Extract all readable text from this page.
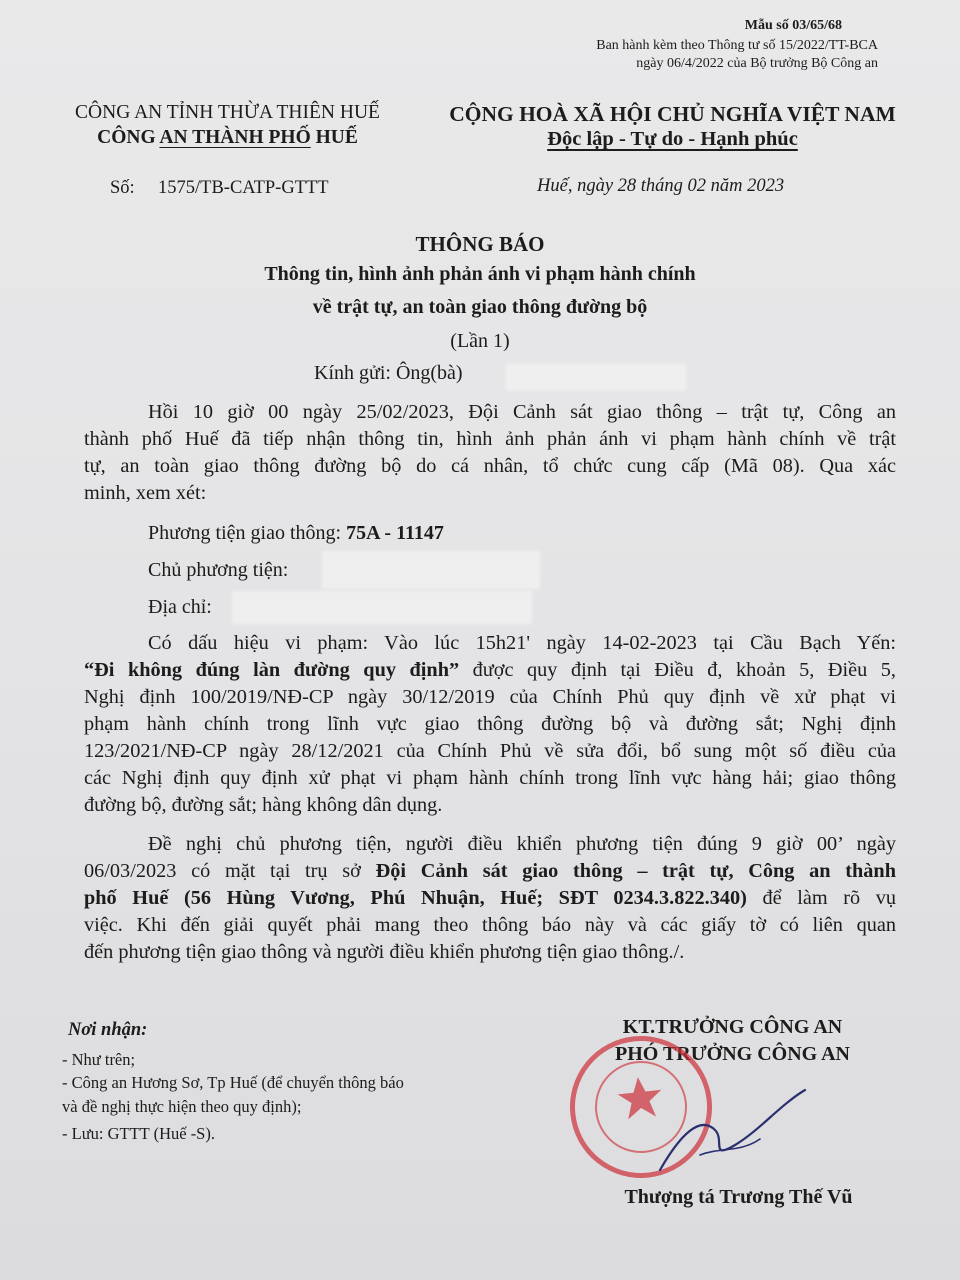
Mẫu số 03/65/68
Ban hành kèm theo Thông tư số 15/2022/TT-BCA
ngày 06/4/2022 của Bộ trưởng Bộ Công an
CÔNG AN TỈNH THỪA THIÊN HUẾ
CÔNG AN THÀNH PHỐ HUẾ
CỘNG HOÀ XÃ HỘI CHỦ NGHĨA VIỆT NAM
Độc lập - Tự do - Hạnh phúc
Số: 1575/TB-CATP-GTTT	Huế, ngày 28 tháng 02 năm 2023
THÔNG BÁO
Thông tin, hình ảnh phản ánh vi phạm hành chính
về trật tự, an toàn giao thông đường bộ
(Lần 1)
Kính gửi: Ông(bà)
Hồi 10 giờ 00 ngày 25/02/2023, Đội Cảnh sát giao thông – trật tự, Công an
thành phố Huế đã tiếp nhận thông tin, hình ảnh phản ánh vi phạm hành chính về trật
tự, an toàn giao thông đường bộ do cá nhân, tổ chức cung cấp (Mã 08). Qua xác
minh, xem xét:
Phương tiện giao thông: 75A - 11147
Chủ phương tiện:
Địa chỉ:
Có dấu hiệu vi phạm: Vào lúc 15h21' ngày 14-02-2023 tại Cầu Bạch Yến:
“Đi không đúng làn đường quy định” được quy định tại Điều đ, khoản 5, Điều 5,
Nghị định 100/2019/NĐ-CP ngày 30/12/2019 của Chính Phủ quy định về xử phạt vi
phạm hành chính trong lĩnh vực giao thông đường bộ và đường sắt; Nghị định
123/2021/NĐ-CP ngày 28/12/2021 của Chính Phủ về sửa đổi, bổ sung một số điều của
các Nghị định quy định xử phạt vi phạm hành chính trong lĩnh vực hàng hải; giao thông
đường bộ, đường sắt; hàng không dân dụng.
Đề nghị chủ phương tiện, người điều khiển phương tiện đúng 9 giờ 00’ ngày
06/03/2023 có mặt tại trụ sở Đội Cảnh sát giao thông – trật tự, Công an thành
phố Huế (56 Hùng Vương, Phú Nhuận, Huế; SĐT 0234.3.822.340) để làm rõ vụ
việc. Khi đến giải quyết phải mang theo thông báo này và các giấy tờ có liên quan
đến phương tiện giao thông và người điều khiển phương tiện giao thông./.
Nơi nhận:
- Như trên;
- Công an Hương Sơ, Tp Huế (để chuyển thông báo
và đề nghị thực hiện theo quy định);
- Lưu: GTTT (Huế -S).
KT.TRƯỞNG CÔNG AN
PHÓ TRƯỞNG CÔNG AN
Thượng tá Trương Thế Vũ
